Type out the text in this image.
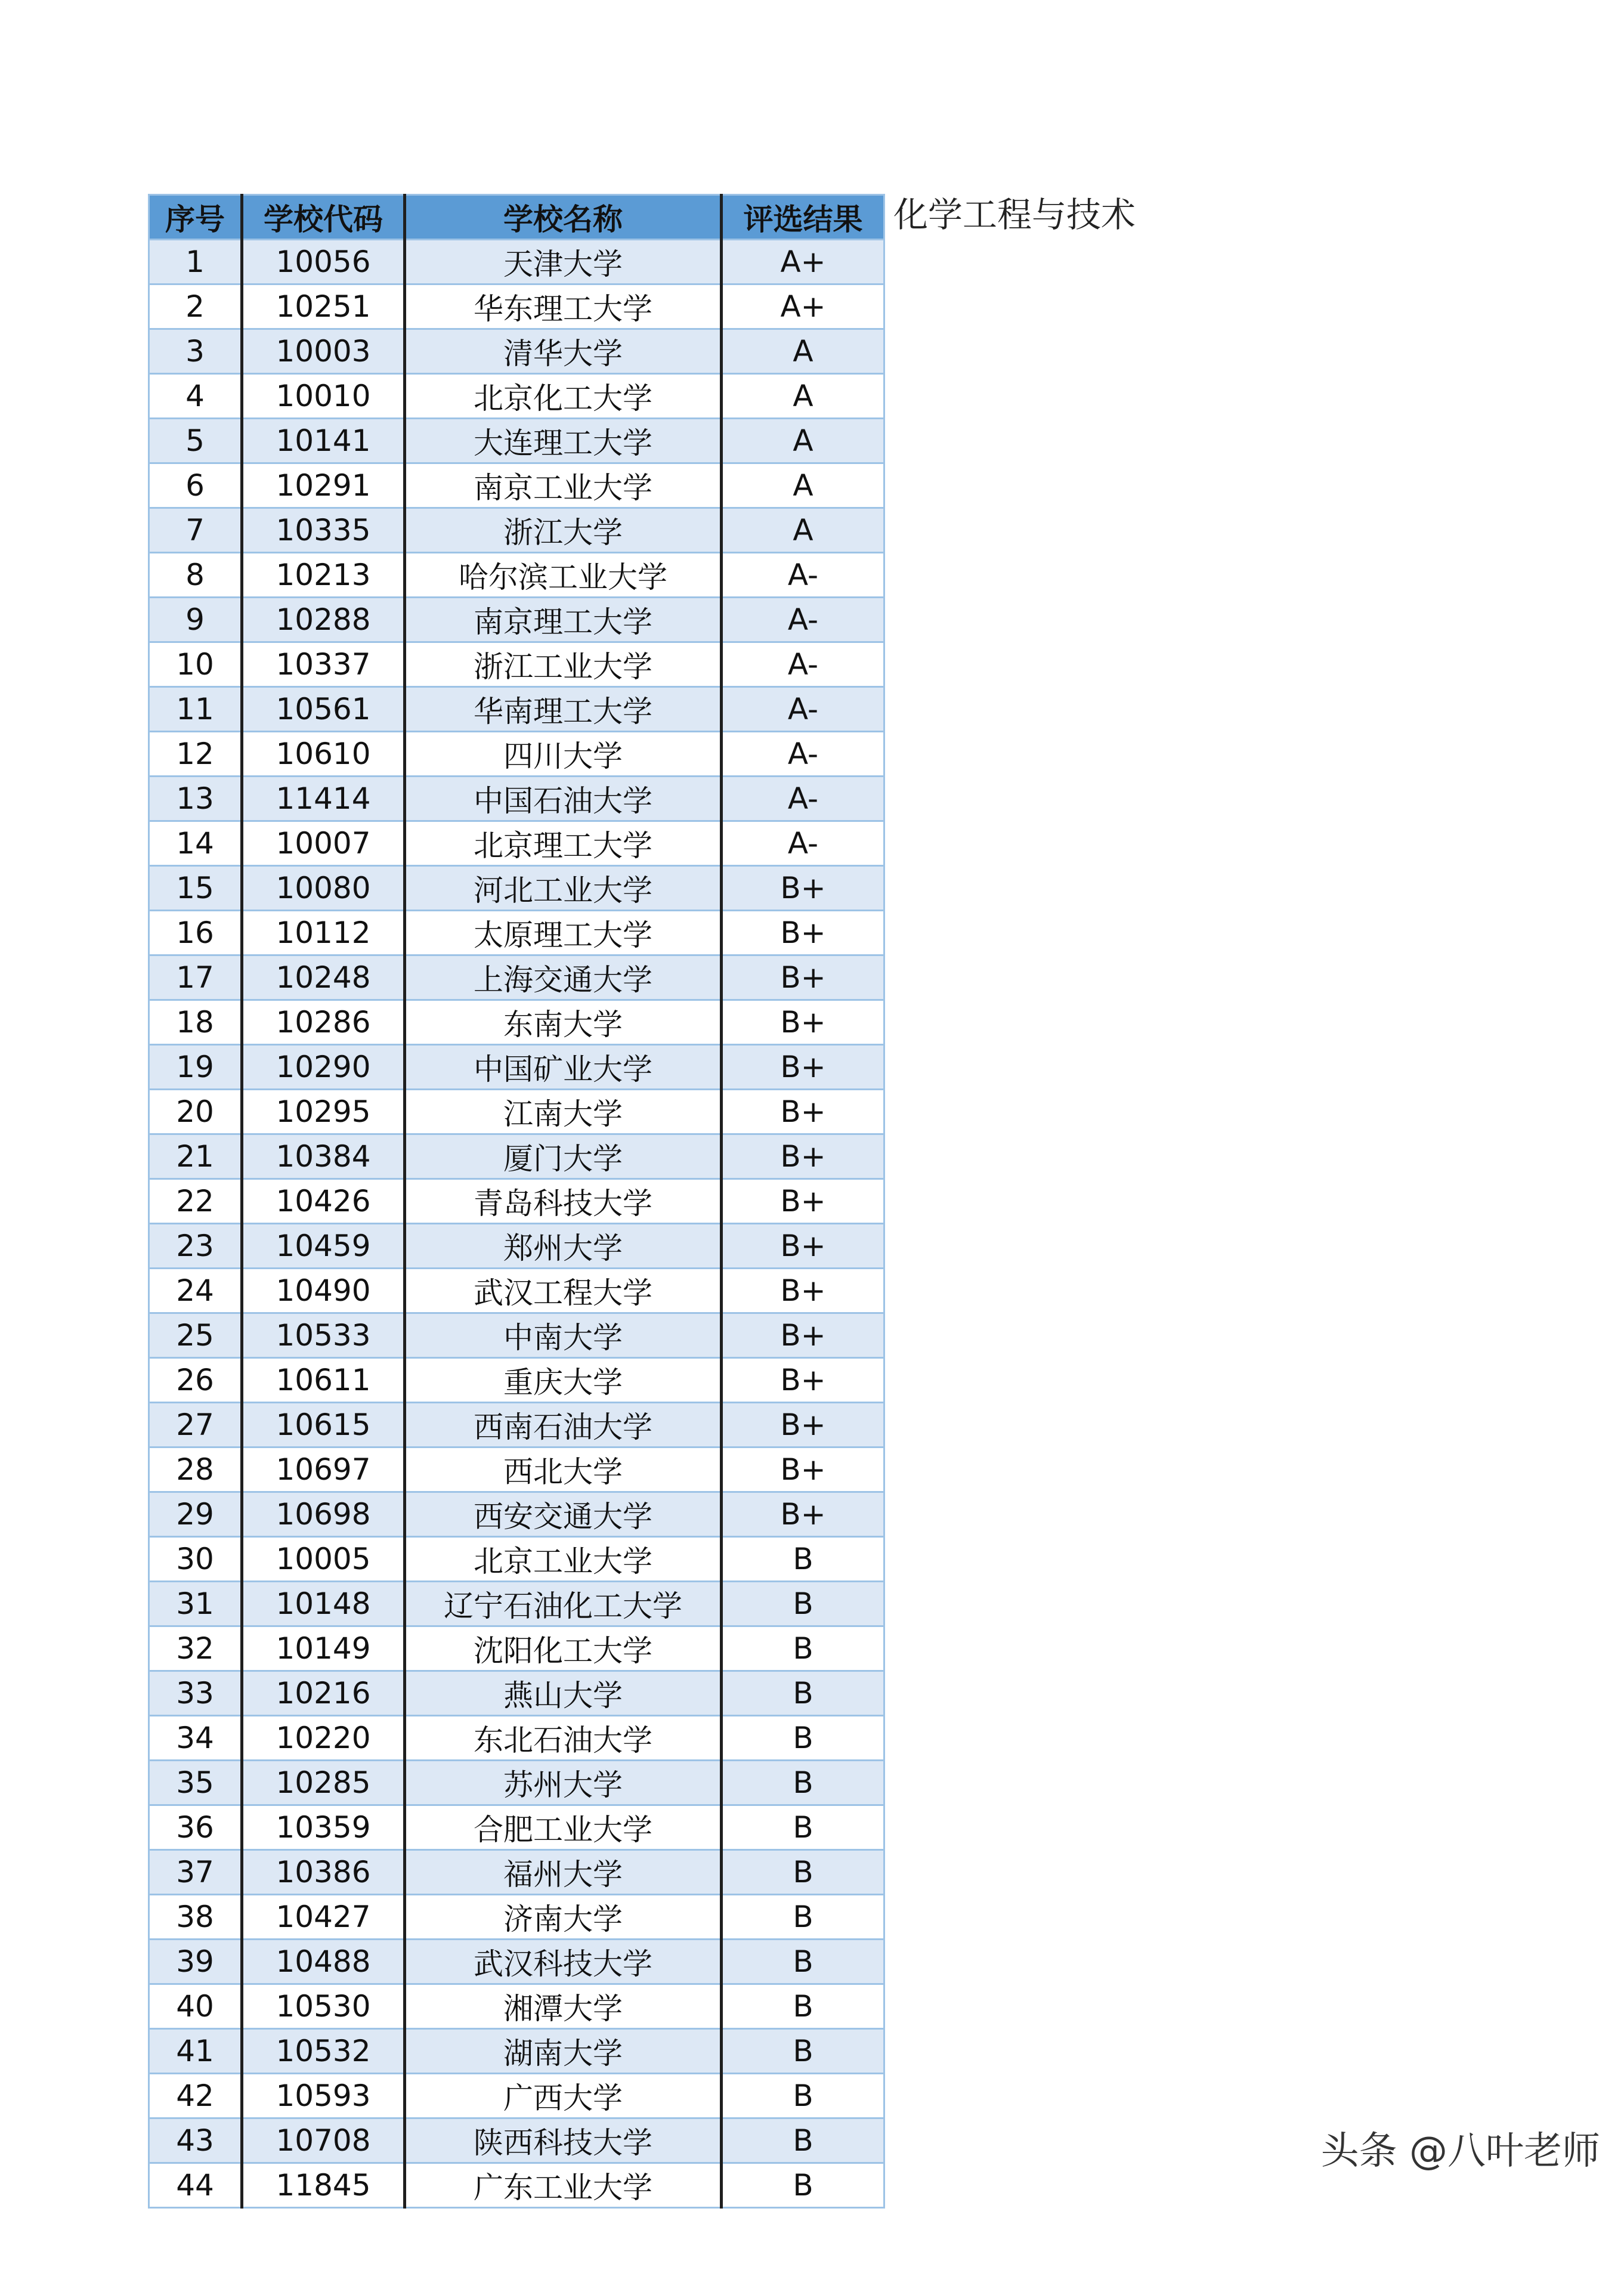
序号	学校代码	学校名称	评选结果
1	10056	天津大学	A+
2	10251	华东理工大学	A+
3	10003	清华大学	A
4	10010	北京化工大学	A
5	10141	大连理工大学	A
6	10291	南京工业大学	A
7	10335	浙江大学	A
8	10213	哈尔滨工业大学	A-
9	10288	南京理工大学	A-
10	10337	浙江工业大学	A-
11	10561	华南理工大学	A-
12	10610	四川大学	A-
13	11414	中国石油大学	A-
14	10007	北京理工大学	A-
15	10080	河北工业大学	B+
16	10112	太原理工大学	B+
17	10248	上海交通大学	B+
18	10286	东南大学	B+
19	10290	中国矿业大学	B+
20	10295	江南大学	B+
21	10384	厦门大学	B+
22	10426	青岛科技大学	B+
23	10459	郑州大学	B+
24	10490	武汉工程大学	B+
25	10533	中南大学	B+
26	10611	重庆大学	B+
27	10615	西南石油大学	B+
28	10697	西北大学	B+
29	10698	西安交通大学	B+
30	10005	北京工业大学	B
31	10148	辽宁石油化工大学	B
32	10149	沈阳化工大学	B
33	10216	燕山大学	B
34	10220	东北石油大学	B
35	10285	苏州大学	B
36	10359	合肥工业大学	B
37	10386	福州大学	B
38	10427	济南大学	B
39	10488	武汉科技大学	B
40	10530	湘潭大学	B
41	10532	湖南大学	B
42	10593	广西大学	B
43	10708	陕西科技大学	B
44	11845	广东工业大学	B
化学工程与技术
头条 @八叶老师
